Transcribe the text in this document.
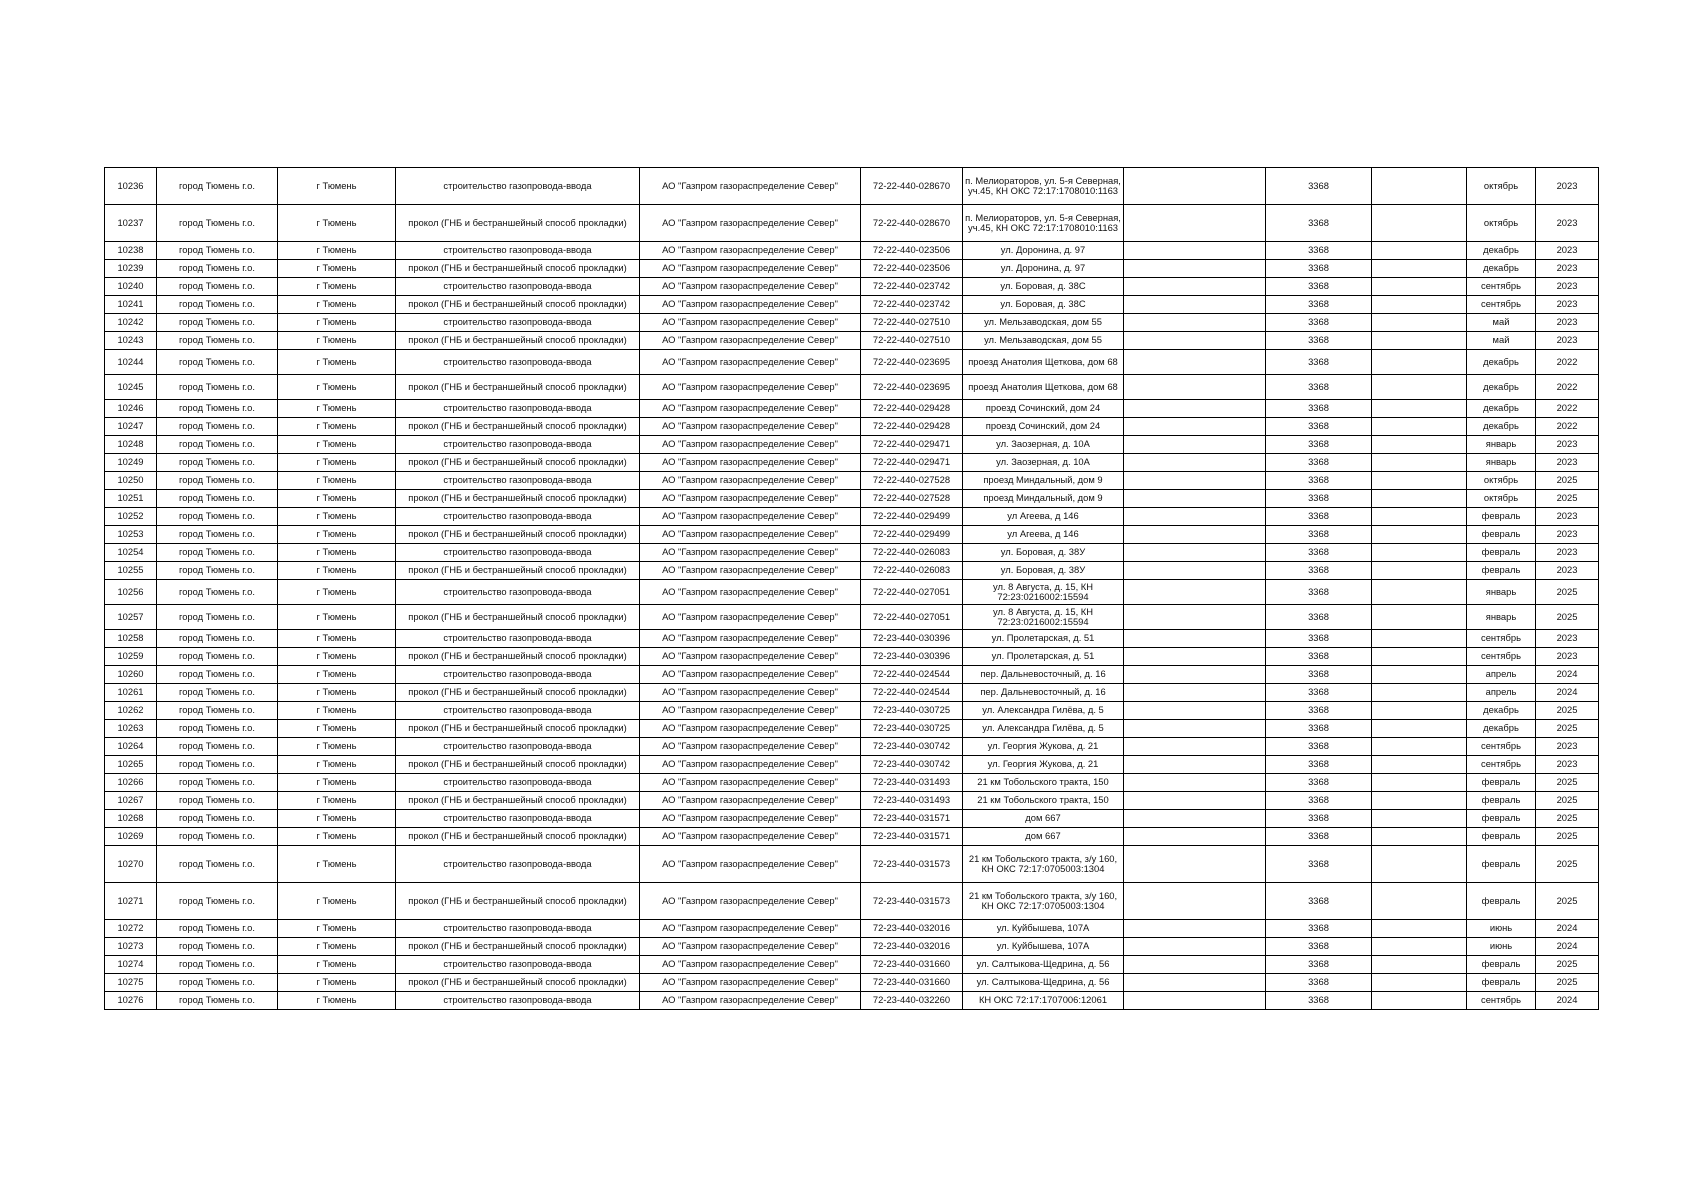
10236	город Тюмень г.о.	г Тюмень	строительство газопровода-ввода	АО "Газпром газораспределение Север"	72-22-440-028670	п. Мелиораторов, ул. 5-я Северная, уч.45, КН ОКС 72:17:1708010:1163		3368		октябрь	2023
10237	город Тюмень г.о.	г Тюмень	прокол (ГНБ и бестраншейный способ прокладки)	АО "Газпром газораспределение Север"	72-22-440-028670	п. Мелиораторов, ул. 5-я Северная, уч.45, КН ОКС 72:17:1708010:1163		3368		октябрь	2023
10238	город Тюмень г.о.	г Тюмень	строительство газопровода-ввода	АО "Газпром газораспределение Север"	72-22-440-023506	ул. Доронина, д. 97		3368		декабрь	2023
10239	город Тюмень г.о.	г Тюмень	прокол (ГНБ и бестраншейный способ прокладки)	АО "Газпром газораспределение Север"	72-22-440-023506	ул. Доронина, д. 97		3368		декабрь	2023
10240	город Тюмень г.о.	г Тюмень	строительство газопровода-ввода	АО "Газпром газораспределение Север"	72-22-440-023742	ул. Боровая, д. 38С		3368		сентябрь	2023
10241	город Тюмень г.о.	г Тюмень	прокол (ГНБ и бестраншейный способ прокладки)	АО "Газпром газораспределение Север"	72-22-440-023742	ул. Боровая, д. 38С		3368		сентябрь	2023
10242	город Тюмень г.о.	г Тюмень	строительство газопровода-ввода	АО "Газпром газораспределение Север"	72-22-440-027510	ул. Мельзаводская, дом 55		3368		май	2023
10243	город Тюмень г.о.	г Тюмень	прокол (ГНБ и бестраншейный способ прокладки)	АО "Газпром газораспределение Север"	72-22-440-027510	ул. Мельзаводская, дом 55		3368		май	2023
10244	город Тюмень г.о.	г Тюмень	строительство газопровода-ввода	АО "Газпром газораспределение Север"	72-22-440-023695	проезд Анатолия Щеткова, дом 68		3368		декабрь	2022
10245	город Тюмень г.о.	г Тюмень	прокол (ГНБ и бестраншейный способ прокладки)	АО "Газпром газораспределение Север"	72-22-440-023695	проезд Анатолия Щеткова, дом 68		3368		декабрь	2022
10246	город Тюмень г.о.	г Тюмень	строительство газопровода-ввода	АО "Газпром газораспределение Север"	72-22-440-029428	проезд Сочинский, дом 24		3368		декабрь	2022
10247	город Тюмень г.о.	г Тюмень	прокол (ГНБ и бестраншейный способ прокладки)	АО "Газпром газораспределение Север"	72-22-440-029428	проезд Сочинский, дом 24		3368		декабрь	2022
10248	город Тюмень г.о.	г Тюмень	строительство газопровода-ввода	АО "Газпром газораспределение Север"	72-22-440-029471	ул. Заозерная, д. 10А		3368		январь	2023
10249	город Тюмень г.о.	г Тюмень	прокол (ГНБ и бестраншейный способ прокладки)	АО "Газпром газораспределение Север"	72-22-440-029471	ул. Заозерная, д. 10А		3368		январь	2023
10250	город Тюмень г.о.	г Тюмень	строительство газопровода-ввода	АО "Газпром газораспределение Север"	72-22-440-027528	проезд Миндальный, дом 9		3368		октябрь	2025
10251	город Тюмень г.о.	г Тюмень	прокол (ГНБ и бестраншейный способ прокладки)	АО "Газпром газораспределение Север"	72-22-440-027528	проезд Миндальный, дом 9		3368		октябрь	2025
10252	город Тюмень г.о.	г Тюмень	строительство газопровода-ввода	АО "Газпром газораспределение Север"	72-22-440-029499	ул Агеева, д 146		3368		февраль	2023
10253	город Тюмень г.о.	г Тюмень	прокол (ГНБ и бестраншейный способ прокладки)	АО "Газпром газораспределение Север"	72-22-440-029499	ул Агеева, д 146		3368		февраль	2023
10254	город Тюмень г.о.	г Тюмень	строительство газопровода-ввода	АО "Газпром газораспределение Север"	72-22-440-026083	ул. Боровая, д. 38У		3368		февраль	2023
10255	город Тюмень г.о.	г Тюмень	прокол (ГНБ и бестраншейный способ прокладки)	АО "Газпром газораспределение Север"	72-22-440-026083	ул. Боровая, д. 38У		3368		февраль	2023
10256	город Тюмень г.о.	г Тюмень	строительство газопровода-ввода	АО "Газпром газораспределение Север"	72-22-440-027051	ул. 8 Августа, д. 15, КН 72:23:0216002:15594		3368		январь	2025
10257	город Тюмень г.о.	г Тюмень	прокол (ГНБ и бестраншейный способ прокладки)	АО "Газпром газораспределение Север"	72-22-440-027051	ул. 8 Августа, д. 15, КН 72:23:0216002:15594		3368		январь	2025
10258	город Тюмень г.о.	г Тюмень	строительство газопровода-ввода	АО "Газпром газораспределение Север"	72-23-440-030396	ул. Пролетарская, д. 51		3368		сентябрь	2023
10259	город Тюмень г.о.	г Тюмень	прокол (ГНБ и бестраншейный способ прокладки)	АО "Газпром газораспределение Север"	72-23-440-030396	ул. Пролетарская, д. 51		3368		сентябрь	2023
10260	город Тюмень г.о.	г Тюмень	строительство газопровода-ввода	АО "Газпром газораспределение Север"	72-22-440-024544	пер. Дальневосточный, д. 16		3368		апрель	2024
10261	город Тюмень г.о.	г Тюмень	прокол (ГНБ и бестраншейный способ прокладки)	АО "Газпром газораспределение Север"	72-22-440-024544	пер. Дальневосточный, д. 16		3368		апрель	2024
10262	город Тюмень г.о.	г Тюмень	строительство газопровода-ввода	АО "Газпром газораспределение Север"	72-23-440-030725	ул. Александра Гилёва, д. 5		3368		декабрь	2025
10263	город Тюмень г.о.	г Тюмень	прокол (ГНБ и бестраншейный способ прокладки)	АО "Газпром газораспределение Север"	72-23-440-030725	ул. Александра Гилёва, д. 5		3368		декабрь	2025
10264	город Тюмень г.о.	г Тюмень	строительство газопровода-ввода	АО "Газпром газораспределение Север"	72-23-440-030742	ул. Георгия Жукова, д. 21		3368		сентябрь	2023
10265	город Тюмень г.о.	г Тюмень	прокол (ГНБ и бестраншейный способ прокладки)	АО "Газпром газораспределение Север"	72-23-440-030742	ул. Георгия Жукова, д. 21		3368		сентябрь	2023
10266	город Тюмень г.о.	г Тюмень	строительство газопровода-ввода	АО "Газпром газораспределение Север"	72-23-440-031493	21 км Тобольского тракта, 150		3368		февраль	2025
10267	город Тюмень г.о.	г Тюмень	прокол (ГНБ и бестраншейный способ прокладки)	АО "Газпром газораспределение Север"	72-23-440-031493	21 км Тобольского тракта, 150		3368		февраль	2025
10268	город Тюмень г.о.	г Тюмень	строительство газопровода-ввода	АО "Газпром газораспределение Север"	72-23-440-031571	дом 667		3368		февраль	2025
10269	город Тюмень г.о.	г Тюмень	прокол (ГНБ и бестраншейный способ прокладки)	АО "Газпром газораспределение Север"	72-23-440-031571	дом 667		3368		февраль	2025
10270	город Тюмень г.о.	г Тюмень	строительство газопровода-ввода	АО "Газпром газораспределение Север"	72-23-440-031573	21 км Тобольского тракта, з/у 160, КН ОКС 72:17:0705003:1304		3368		февраль	2025
10271	город Тюмень г.о.	г Тюмень	прокол (ГНБ и бестраншейный способ прокладки)	АО "Газпром газораспределение Север"	72-23-440-031573	21 км Тобольского тракта, з/у 160, КН ОКС 72:17:0705003:1304		3368		февраль	2025
10272	город Тюмень г.о.	г Тюмень	строительство газопровода-ввода	АО "Газпром газораспределение Север"	72-23-440-032016	ул. Куйбышева, 107А		3368		июнь	2024
10273	город Тюмень г.о.	г Тюмень	прокол (ГНБ и бестраншейный способ прокладки)	АО "Газпром газораспределение Север"	72-23-440-032016	ул. Куйбышева, 107А		3368		июнь	2024
10274	город Тюмень г.о.	г Тюмень	строительство газопровода-ввода	АО "Газпром газораспределение Север"	72-23-440-031660	ул. Салтыкова-Щедрина, д. 56		3368		февраль	2025
10275	город Тюмень г.о.	г Тюмень	прокол (ГНБ и бестраншейный способ прокладки)	АО "Газпром газораспределение Север"	72-23-440-031660	ул. Салтыкова-Щедрина, д. 56		3368		февраль	2025
10276	город Тюмень г.о.	г Тюмень	строительство газопровода-ввода	АО "Газпром газораспределение Север"	72-23-440-032260	КН ОКС 72:17:1707006:12061		3368		сентябрь	2024
